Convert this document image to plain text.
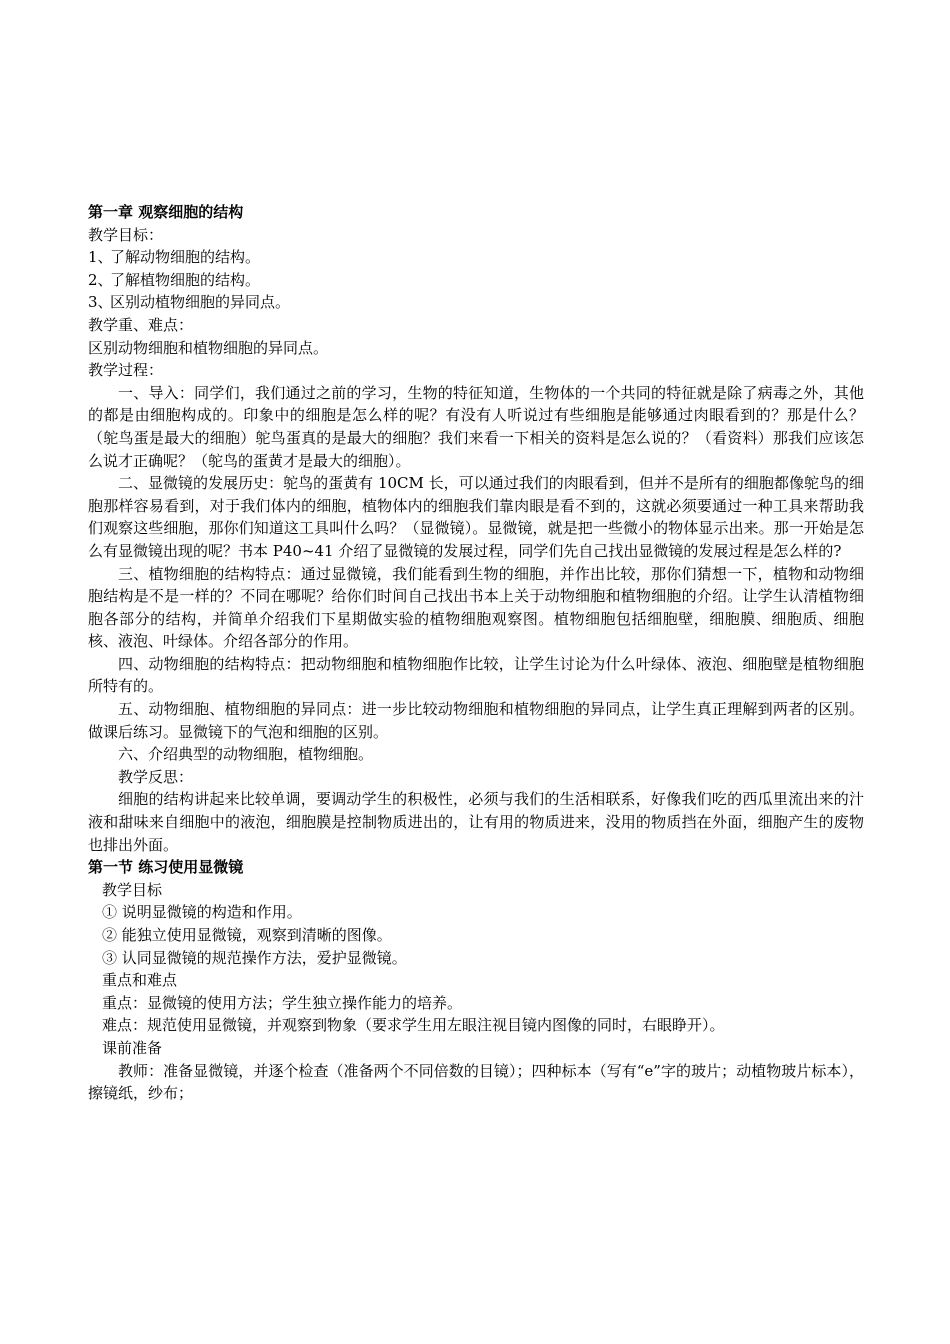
第一章 观察细胞的结构

教学目标：

1、了解动物细胞的结构。

2、了解植物细胞的结构。

3、区别动植物细胞的异同点。

教学重、难点：

区别动物细胞和植物细胞的异同点。

教学过程：

一、导入：同学们，我们通过之前的学习，生物的特征知道，生物体的一个共同的特征就是除了病毒之外，其他的都是由细胞构成的。印象中的细胞是怎么样的呢？有没有人听说过有些细胞是能够通过肉眼看到的？那是什么？（鸵鸟蛋是最大的细胞）鸵鸟蛋真的是最大的细胞？我们来看一下相关的资料是怎么说的？（看资料）那我们应该怎么说才正确呢？（鸵鸟的蛋黄才是最大的细胞）。

二、显微镜的发展历史：鸵鸟的蛋黄有 10CM 长，可以通过我们的肉眼看到，但并不是所有的细胞都像鸵鸟的细胞那样容易看到，对于我们体内的细胞，植物体内的细胞我们靠肉眼是看不到的，这就必须要通过一种工具来帮助我们观察这些细胞，那你们知道这工具叫什么吗？（显微镜）。显微镜，就是把一些微小的物体显示出来。那一开始是怎么有显微镜出现的呢？书本 P40~41 介绍了显微镜的发展过程，同学们先自己找出显微镜的发展过程是怎么样的?

三、植物细胞的结构特点：通过显微镜，我们能看到生物的细胞，并作出比较，那你们猜想一下，植物和动物细胞结构是不是一样的？不同在哪呢？给你们时间自己找出书本上关于动物细胞和植物细胞的介绍。让学生认清植物细胞各部分的结构，并简单介绍我们下星期做实验的植物细胞观察图。植物细胞包括细胞壁，细胞膜、细胞质、细胞核、液泡、叶绿体。介绍各部分的作用。

四、动物细胞的结构特点：把动物细胞和植物细胞作比较，让学生讨论为什么叶绿体、液泡、细胞壁是植物细胞所特有的。

五、动物细胞、植物细胞的异同点：进一步比较动物细胞和植物细胞的异同点，让学生真正理解到两者的区别。做课后练习。显微镜下的气泡和细胞的区别。

六、介绍典型的动物细胞，植物细胞。

教学反思：

细胞的结构讲起来比较单调，要调动学生的积极性，必须与我们的生活相联系，好像我们吃的西瓜里流出来的汁液和甜味来自细胞中的液泡，细胞膜是控制物质进出的，让有用的物质进来，没用的物质挡在外面，细胞产生的废物也排出外面。

第一节 练习使用显微镜

教学目标

① 说明显微镜的构造和作用。

② 能独立使用显微镜，观察到清晰的图像。

③ 认同显微镜的规范操作方法，爱护显微镜。

重点和难点

重点：显微镜的使用方法；学生独立操作能力的培养。

难点：规范使用显微镜，并观察到物象（要求学生用左眼注视目镜内图像的同时，右眼睁开）。

课前准备

教师：准备显微镜，并逐个检查（准备两个不同倍数的目镜）；四种标本（写有“e”字的玻片；动植物玻片标本），擦镜纸，纱布；
